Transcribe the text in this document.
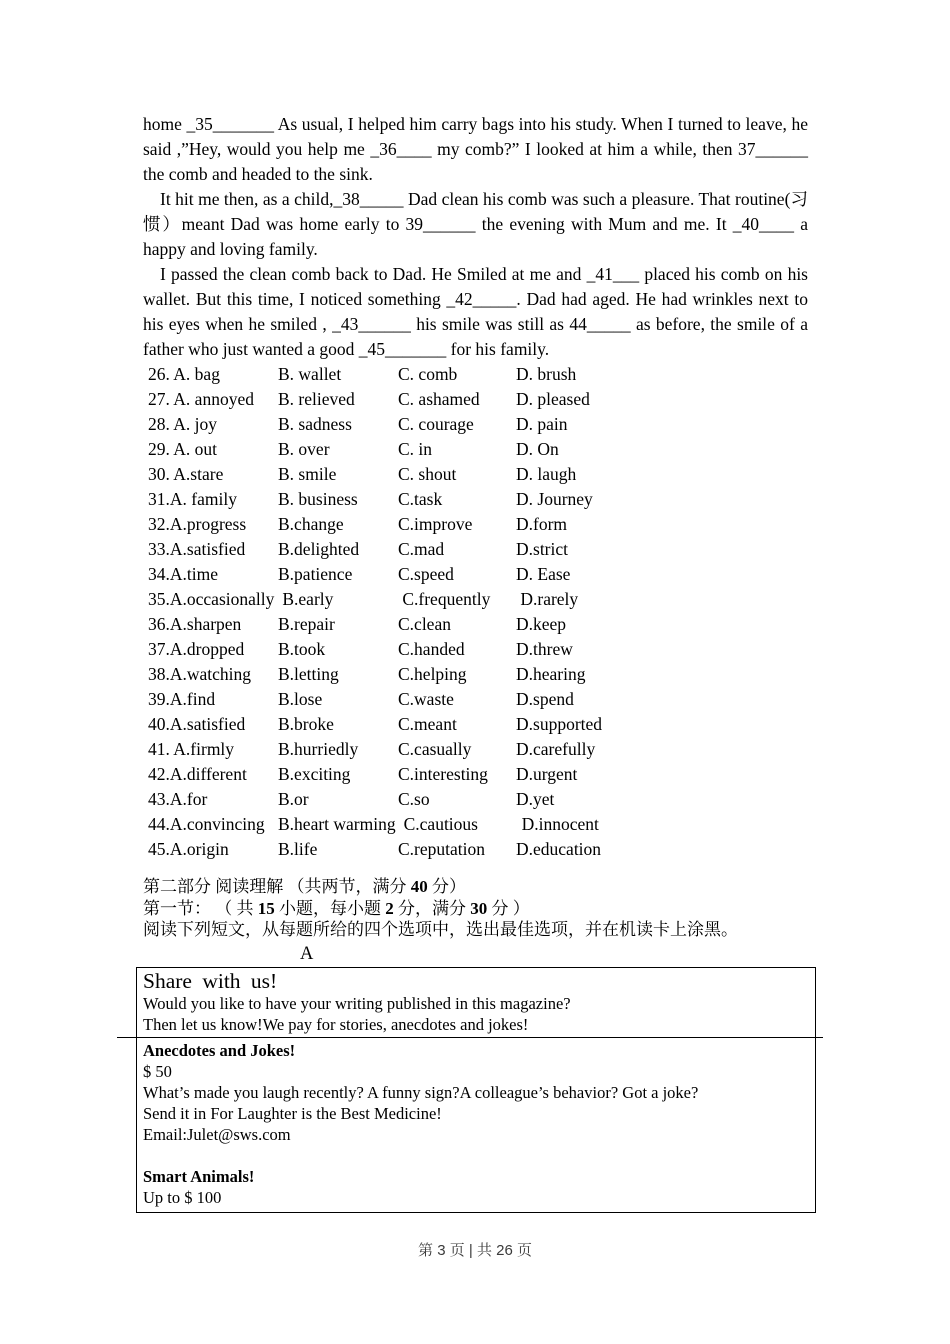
home _35_______ As usual, I helped him carry bags into his study. When I turned to leave, he said ,”Hey, would you help me _36____ my comb?” I looked at him a while, then 37______ the comb and headed to the sink.

It hit me then, as a child,_38_____ Dad clean his comb was such a pleasure. That routine(习惯）meant Dad was home early to 39______ the evening with Mum and me. It _40____ a happy and loving family.

I passed the clean comb back to Dad. He Smiled at me and _41___ placed his comb on his wallet. But this time, I noticed something _42_____. Dad had aged. He had wrinkles next to his eyes when he smiled , _43______ his smile was still as 44_____ as before, the smile of a father who just wanted a good _45_______ for his family.

26. A. bag	B. wallet	C. comb	D. brush
27. A. annoyed	B. relieved	C. ashamed	D. pleased
28. A. joy	B. sadness	C. courage	D. pain
29. A. out	B. over	C. in	D. On
30. A.stare	B. smile	C. shout	D. laugh
31.A. family	B. business	C.task	D. Journey
32.A.progress	B.change	C.improve	D.form
33.A.satisfied	B.delighted	C.mad	D.strict
34.A.time	B.patience	C.speed	D. Ease
35.A.occasionally B.early	C.frequently	D.rarely
36.A.sharpen	B.repair	C.clean	D.keep
37.A.dropped	B.took	C.handed	D.threw
38.A.watching	B.letting	C.helping	D.hearing
39.A.find	B.lose	C.waste	D.spend
40.A.satisfied	B.broke	C.meant	D.supported
41. A.firmly	B.hurriedly	C.casually	D.carefully
42.A.different	B.exciting	C.interesting	D.urgent
43.A.for	B.or	C.so	D.yet
44.A.convincing B.heart warming C.cautious	D.innocent
45.A.origin	B.life	C.reputation	D.education
第二部分 阅读理解 （共两节，满分 40 分）
第一节： （ 共 15 小题，每小题 2 分，满分 30 分 ）
阅读下列短文，从每题所给的四个选项中，选出最佳选项，并在机读卡上涂黑。
A
Share with us!
Would you like to have your writing published in this magazine?
Then let us know!We pay for stories, anecdotes and jokes!
Anecdotes and Jokes!
$ 50
What’s made you laugh recently? A funny sign?A colleague’s behavior? Got a joke?
Send it in For Laughter is the Best Medicine!
Email:Julet@sws.com
Smart Animals!
Up to $ 100
第 3 页 | 共 26 页
